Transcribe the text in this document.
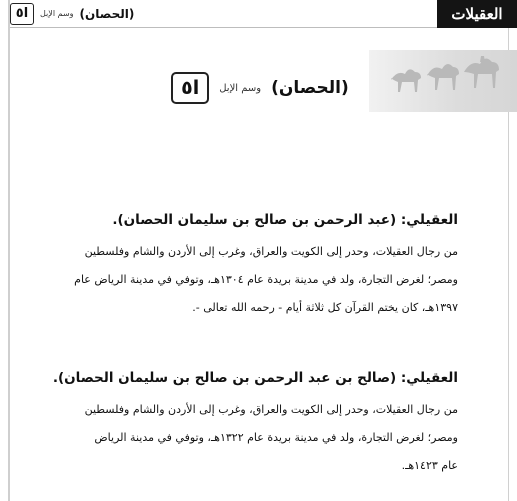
العقيلات
(الحصان)
وسم الإبل
ا٥
ا٥	وسم الإبل (الحصان)

العقيلي: (عبد الرحمن بن صالح بن سليمان الحصان).

من رجال العقيلات، وحدر إلى الكويت والعراق، وغرب إلى الأردن والشام وفلسطين

ومصر؛ لغرض التجارة، ولد في مدينة بريدة عام ١٣٠٤هـ، وتوفي في مدينة الرياض عام

١٣٩٧هـ، كان يختم القرآن كل ثلاثة أيام - رحمه الله تعالى -.

العقيلي: (صالح بن عبد الرحمن بن صالح بن سليمان الحصان).

من رجال العقيلات، وحدر إلى الكويت والعراق، وغرب إلى الأردن والشام وفلسطين

ومصر؛ لغرض التجارة، ولد في مدينة بريدة عام ١٣٢٢هـ، وتوفي في مدينة الرياض

عام ١٤٢٣هـ.
